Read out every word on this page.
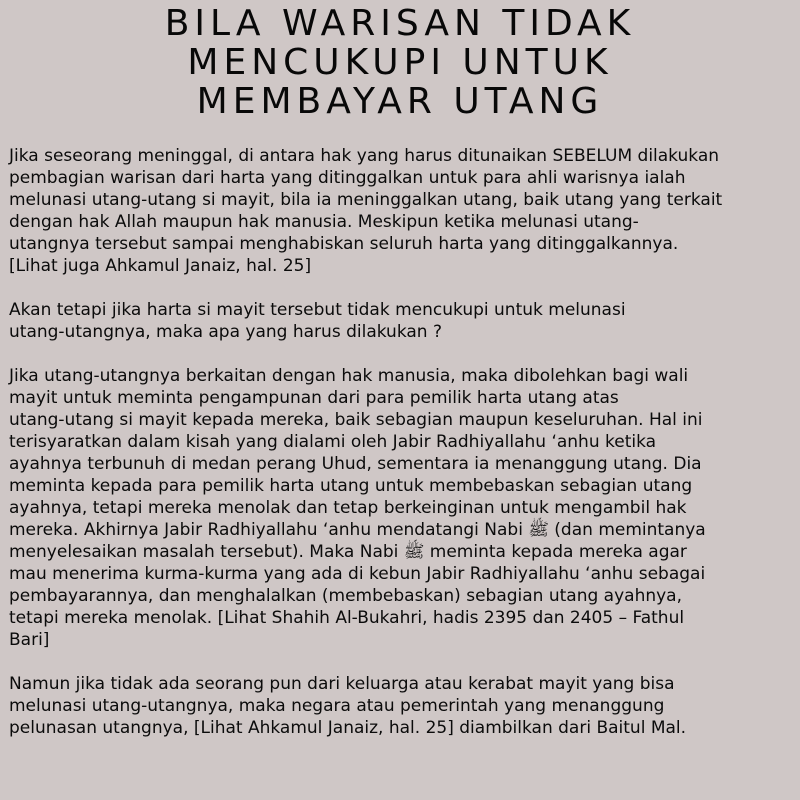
BILA WARISAN TIDAK
MENCUKUPI UNTUK
MEMBAYAR UTANG
Jika seseorang meninggal, di antara hak yang harus ditunaikan SEBELUM dilakukan
pembagian warisan dari harta yang ditinggalkan untuk para ahli warisnya ialah
melunasi utang-utang si mayit, bila ia meninggalkan utang, baik utang yang terkait
dengan hak Allah maupun hak manusia. Meskipun ketika melunasi utang-
utangnya tersebut sampai menghabiskan seluruh harta yang ditinggalkannya.
[Lihat juga Ahkamul Janaiz, hal. 25]
Akan tetapi jika harta si mayit tersebut tidak mencukupi untuk melunasi
utang-utangnya, maka apa yang harus dilakukan ?
Jika utang-utangnya berkaitan dengan hak manusia, maka dibolehkan bagi wali
mayit untuk meminta pengampunan dari para pemilik harta utang atas
utang-utang si mayit kepada mereka, baik sebagian maupun keseluruhan. Hal ini
terisyaratkan dalam kisah yang dialami oleh Jabir Radhiyallahu ‘anhu ketika
ayahnya terbunuh di medan perang Uhud, sementara ia menanggung utang. Dia
meminta kepada para pemilik harta utang untuk membebaskan sebagian utang
ayahnya, tetapi mereka menolak dan tetap berkeinginan untuk mengambil hak
mereka. Akhirnya Jabir Radhiyallahu ‘anhu mendatangi Nabi ﷺ (dan memintanya
menyelesaikan masalah tersebut). Maka Nabi ﷺ meminta kepada mereka agar
mau menerima kurma-kurma yang ada di kebun Jabir Radhiyallahu ‘anhu sebagai
pembayarannya, dan menghalalkan (membebaskan) sebagian utang ayahnya,
tetapi mereka menolak. [Lihat Shahih Al-Bukahri, hadis 2395 dan 2405 – Fathul
Bari]
Namun jika tidak ada seorang pun dari keluarga atau kerabat mayit yang bisa
melunasi utang-utangnya, maka negara atau pemerintah yang menanggung
pelunasan utangnya, [Lihat Ahkamul Janaiz, hal. 25] diambilkan dari Baitul Mal.
